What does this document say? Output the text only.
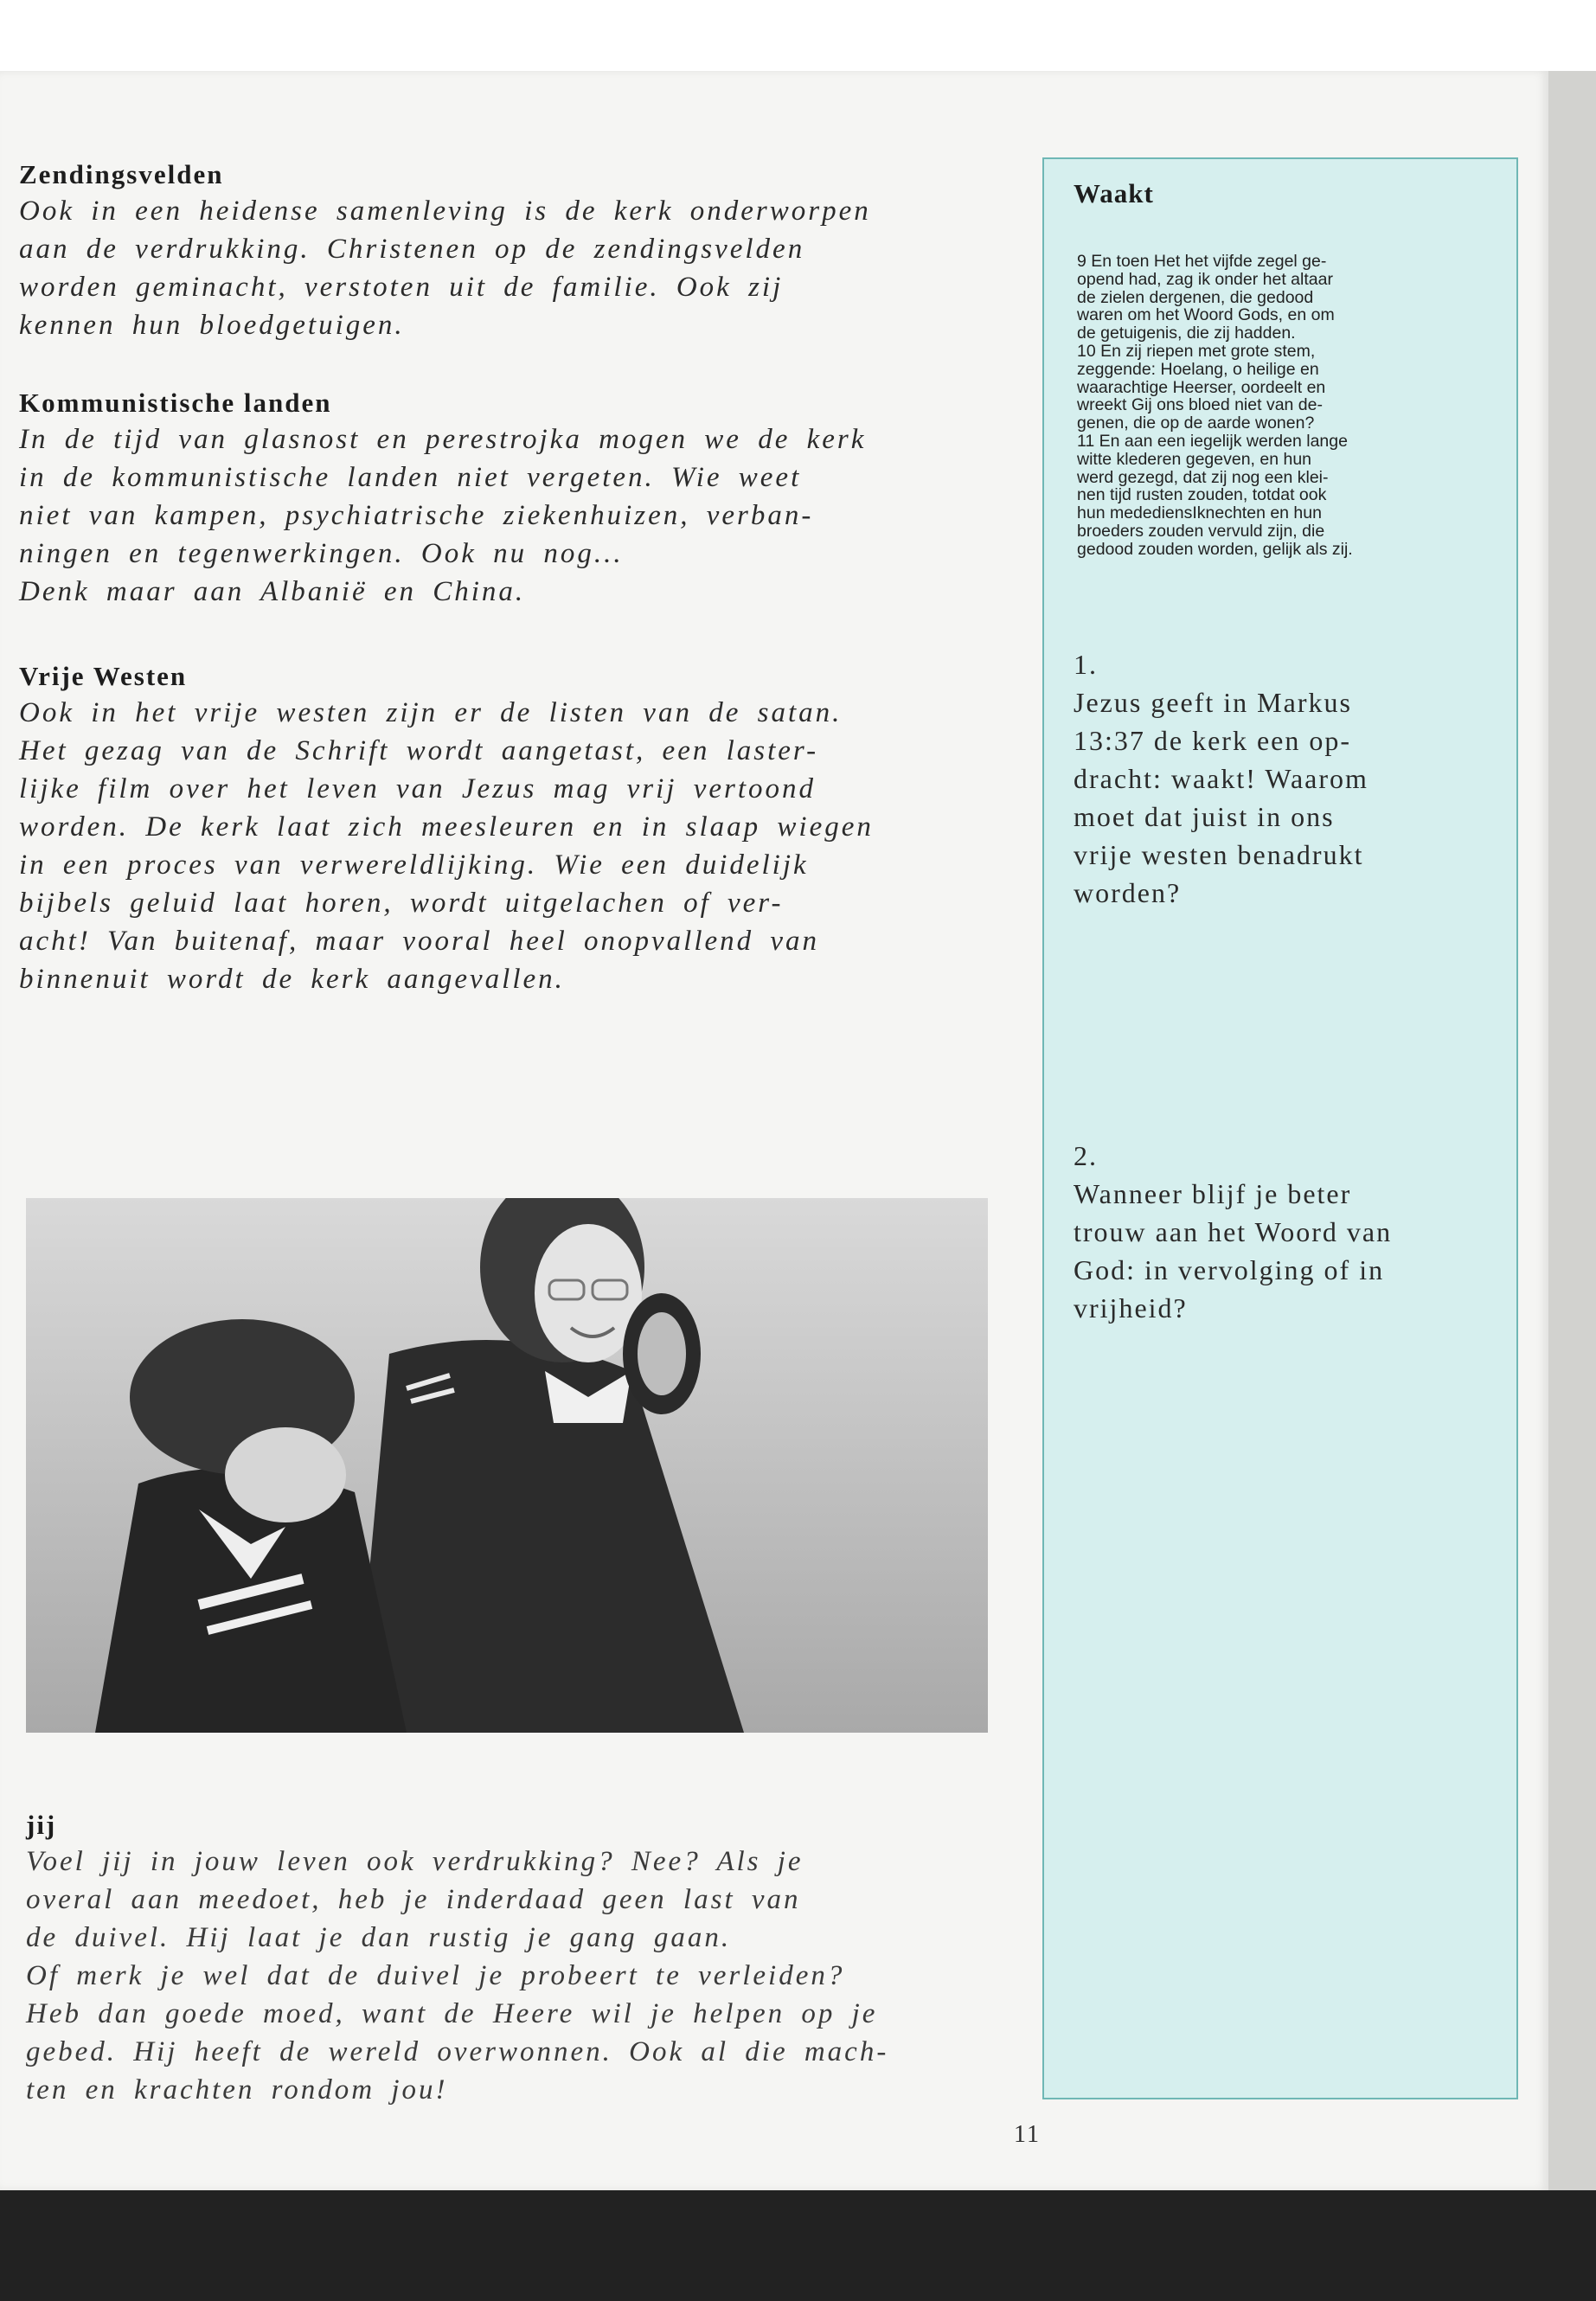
Zendingsvelden

Ook in een heidense samenleving is de kerk onderworpen

aan de verdrukking. Christenen op de zendingsvelden

worden geminacht, verstoten uit de familie. Ook zij

kennen hun bloedgetuigen.

Kommunistische landen

In de tijd van glasnost en perestrojka mogen we de kerk

in de kommunistische landen niet vergeten. Wie weet

niet van kampen, psychiatrische ziekenhuizen, verban-

ningen en tegenwerkingen. Ook nu nog...

Denk maar aan Albanië en China.

Vrije Westen

Ook in het vrije westen zijn er de listen van de satan.

Het gezag van de Schrift wordt aangetast, een laster-

lijke film over het leven van Jezus mag vrij vertoond

worden. De kerk laat zich meesleuren en in slaap wiegen

in een proces van verwereldlijking. Wie een duidelijk

bijbels geluid laat horen, wordt uitgelachen of ver-

acht! Van buitenaf, maar vooral heel onopvallend van

binnenuit wordt de kerk aangevallen.

jij

Voel jij in jouw leven ook verdrukking? Nee? Als je

overal aan meedoet, heb je inderdaad geen last van

de duivel. Hij laat je dan rustig je gang gaan.

Of merk je wel dat de duivel je probeert te verleiden?

Heb dan goede moed, want de Heere wil je helpen op je

gebed. Hij heeft de wereld overwonnen. Ook al die mach-

ten en krachten rondom jou!

Waakt

9 En toen Het het vijfde zegel ge-

opend had, zag ik onder het altaar

de zielen dergenen, die gedood

waren om het Woord Gods, en om

de getuigenis, die zij hadden.

10 En zij riepen met grote stem,

zeggende: Hoelang, o heilige en

waarachtige Heerser, oordeelt en

wreekt Gij ons bloed niet van de-

genen, die op de aarde wonen?

11 En aan een iegelijk werden lange

witte klederen gegeven, en hun

werd gezegd, dat zij nog een klei-

nen tijd rusten zouden, totdat ook

hun medediensIknechten en hun

broeders zouden vervuld zijn, die

gedood zouden worden, gelijk als zij.

1.

Jezus geeft in Markus

13:37 de kerk een op-

dracht: waakt! Waarom

moet dat juist in ons

vrije westen benadrukt

worden?

2.

Wanneer blijf je beter

trouw aan het Woord van

God: in vervolging of in

vrijheid?

11
